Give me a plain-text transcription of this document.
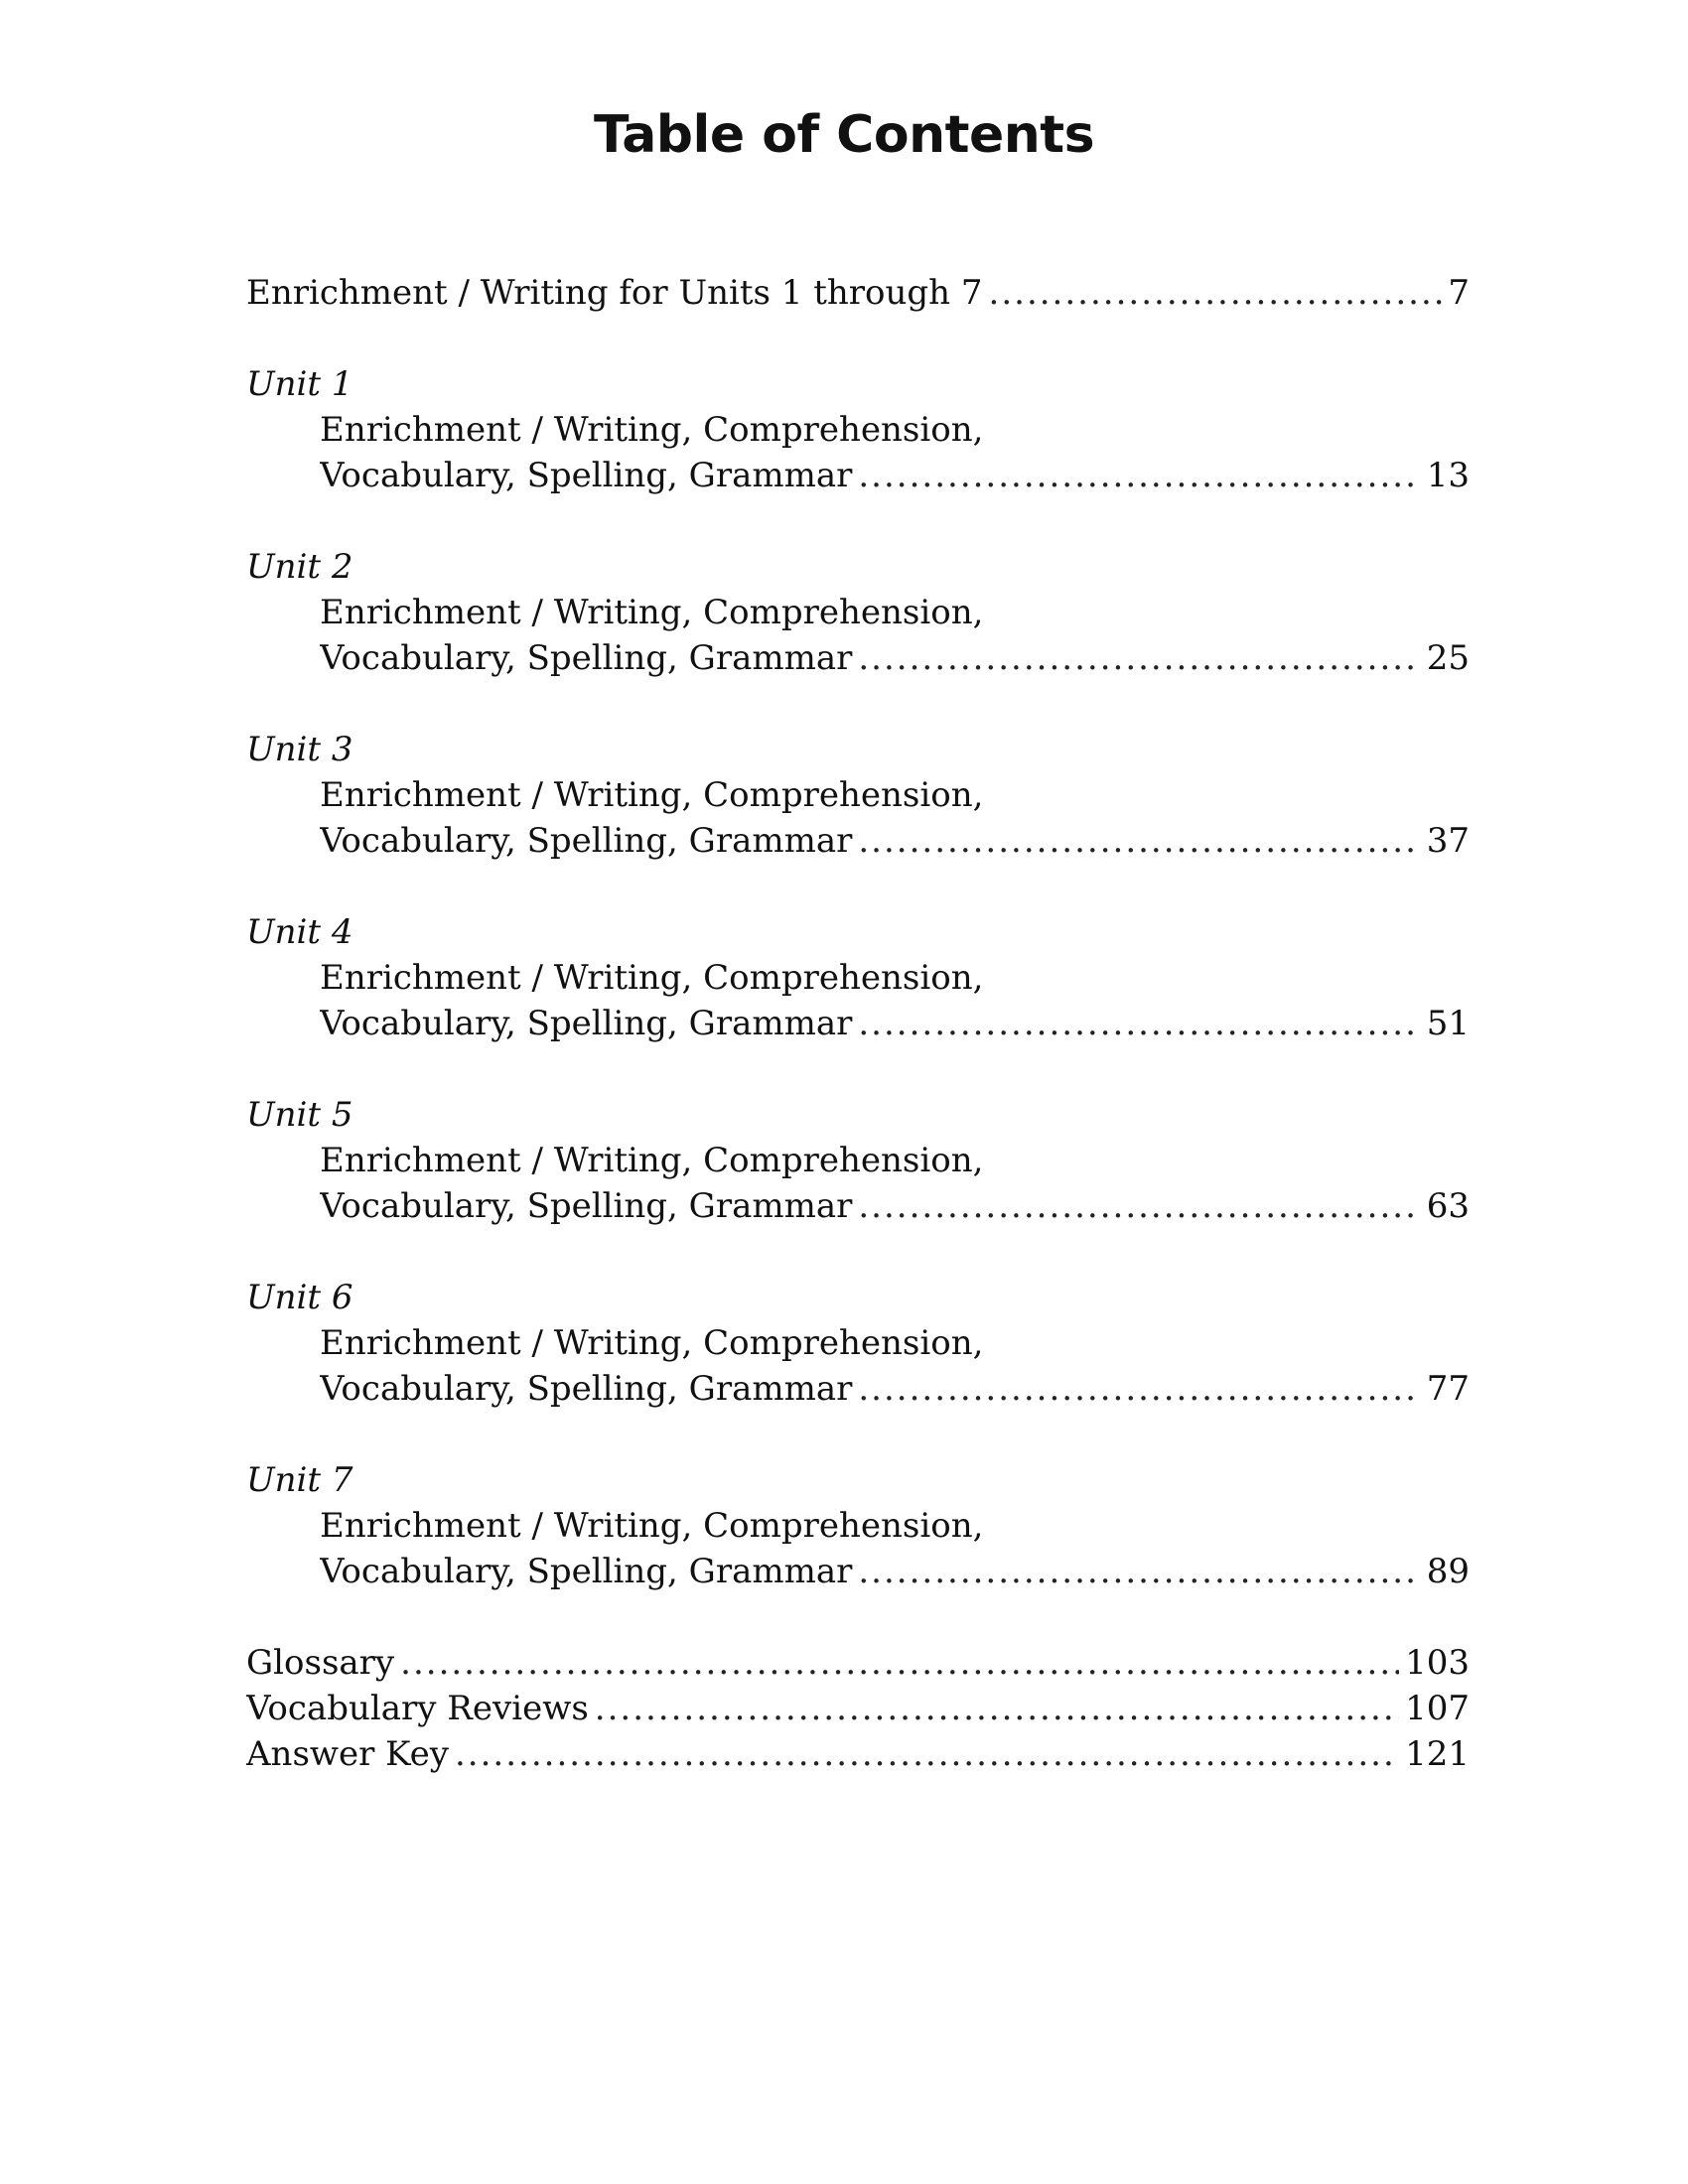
Table of Contents
Enrichment / Writing for Units 1 through 7 .....	7
Unit 1
Enrichment / Writing, Comprehension,
Vocabulary, Spelling, Grammar .....	13
Unit 2
Enrichment / Writing, Comprehension,
Vocabulary, Spelling, Grammar .....	25
Unit 3
Enrichment / Writing, Comprehension,
Vocabulary, Spelling, Grammar .....	37
Unit 4
Enrichment / Writing, Comprehension,
Vocabulary, Spelling, Grammar .....	51
Unit 5
Enrichment / Writing, Comprehension,
Vocabulary, Spelling, Grammar .....	63
Unit 6
Enrichment / Writing, Comprehension,
Vocabulary, Spelling, Grammar .....	77
Unit 7
Enrichment / Writing, Comprehension,
Vocabulary, Spelling, Grammar .....	89
Glossary .....	103
Vocabulary Reviews .....	107
Answer Key .....	121
